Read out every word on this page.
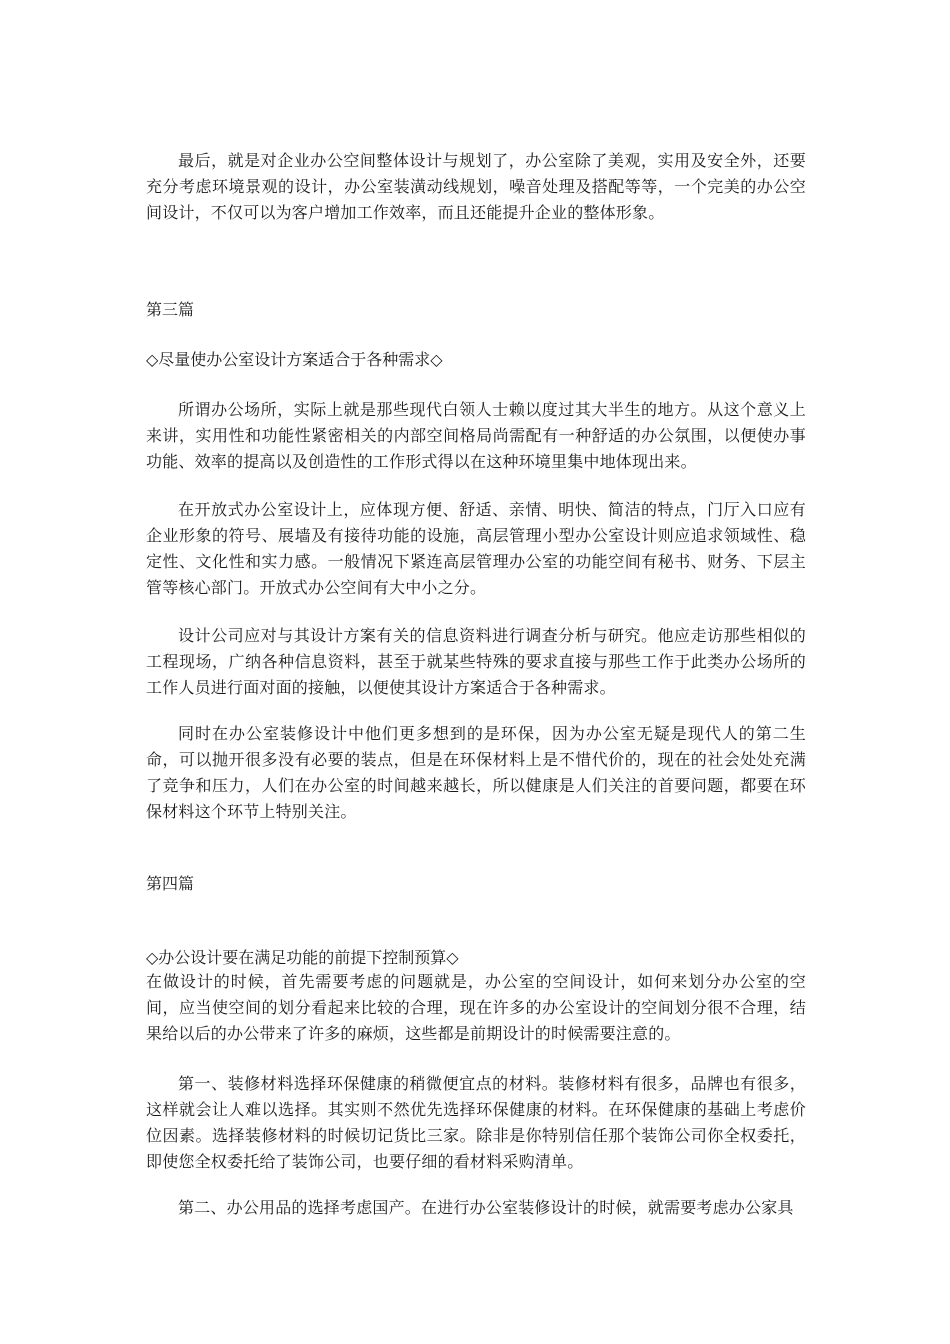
最后，就是对企业办公空间整体设计与规划了，办公室除了美观，实用及安全外，还要充分考虑环境景观的设计，办公室装潢动线规划，噪音处理及搭配等等，一个完美的办公空间设计，不仅可以为客户增加工作效率，而且还能提升企业的整体形象。

第三篇
◇尽量使办公室设计方案适合于各种需求◇

所谓办公场所，实际上就是那些现代白领人士赖以度过其大半生的地方。从这个意义上来讲，实用性和功能性紧密相关的内部空间格局尚需配有一种舒适的办公氛围，以便使办事功能、效率的提高以及创造性的工作形式得以在这种环境里集中地体现出来。

在开放式办公室设计上，应体现方便、舒适、亲情、明快、简洁的特点，门厅入口应有企业形象的符号、展墙及有接待功能的设施，高层管理小型办公室设计则应追求领域性、稳定性、文化性和实力感。一般情况下紧连高层管理办公室的功能空间有秘书、财务、下层主管等核心部门。开放式办公空间有大中小之分。

设计公司应对与其设计方案有关的信息资料进行调查分析与研究。他应走访那些相似的工程现场，广纳各种信息资料，甚至于就某些特殊的要求直接与那些工作于此类办公场所的工作人员进行面对面的接触，以便使其设计方案适合于各种需求。

同时在办公室装修设计中他们更多想到的是环保，因为办公室无疑是现代人的第二生命，可以抛开很多没有必要的装点，但是在环保材料上是不惜代价的，现在的社会处处充满了竞争和压力，人们在办公室的时间越来越长，所以健康是人们关注的首要问题，都要在环保材料这个环节上特别关注。

第四篇
◇办公设计要在满足功能的前提下控制预算◇

在做设计的时候，首先需要考虑的问题就是，办公室的空间设计，如何来划分办公室的空间，应当使空间的划分看起来比较的合理，现在许多的办公室设计的空间划分很不合理，结果给以后的办公带来了许多的麻烦，这些都是前期设计的时候需要注意的。

第一、装修材料选择环保健康的稍微便宜点的材料。装修材料有很多，品牌也有很多，这样就会让人难以选择。其实则不然优先选择环保健康的材料。在环保健康的基础上考虑价位因素。选择装修材料的时候切记货比三家。除非是你特别信任那个装饰公司你全权委托，即使您全权委托给了装饰公司，也要仔细的看材料采购清单。

第二、办公用品的选择考虑国产。在进行办公室装修设计的时候，就需要考虑办公家具
